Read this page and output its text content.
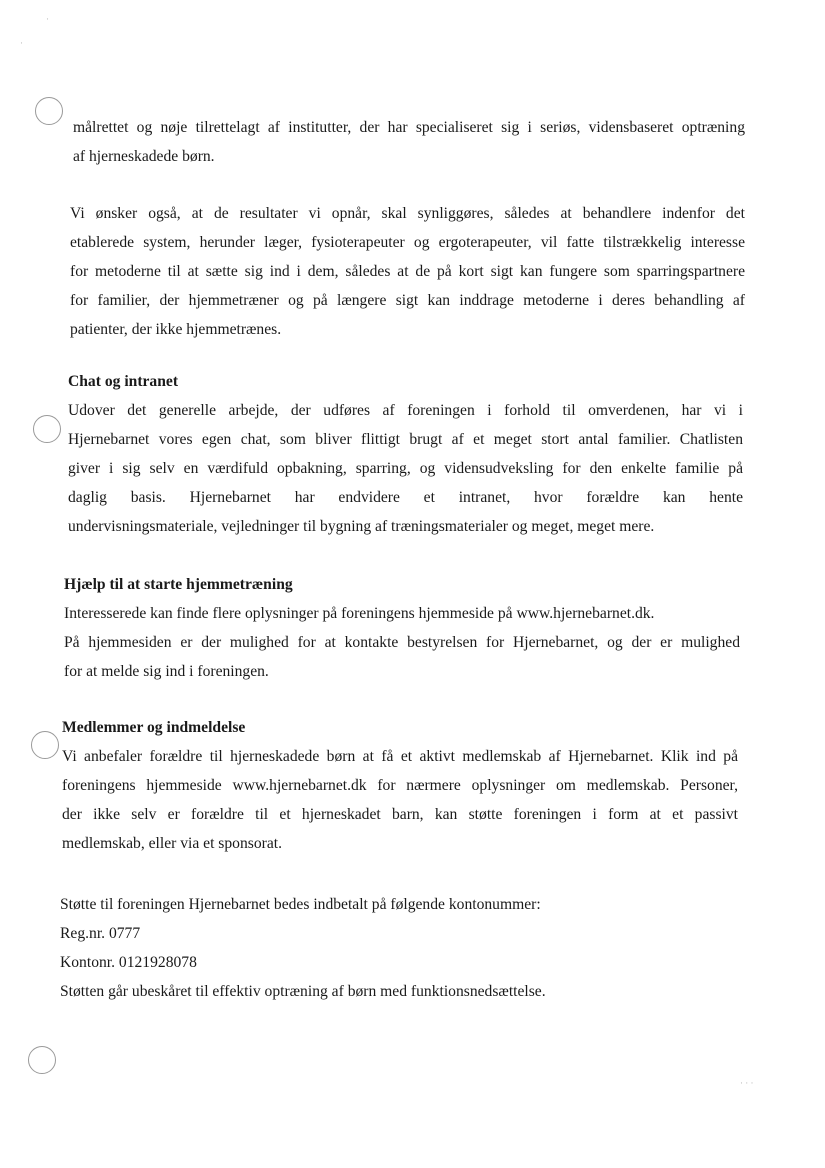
·
·
· · ·

målrettet og nøje tilrettelagt af institutter, der har specialiseret sig i seriøs, vidensbaseret optræning

af hjerneskadede børn.

Vi ønsker også, at de resultater vi opnår, skal synliggøres, således at behandlere indenfor det

etablerede system, herunder læger, fysioterapeuter og ergoterapeuter, vil fatte tilstrækkelig interesse

for metoderne til at sætte sig ind i dem, således at de på kort sigt kan fungere som sparringspartnere

for familier, der hjemmetræner og på længere sigt kan inddrage metoderne i deres behandling af

patienter, der ikke hjemmetrænes.

Chat og intranet

Udover det generelle arbejde, der udføres af foreningen i forhold til omverdenen, har vi i

Hjernebarnet vores egen chat, som bliver flittigt brugt af et meget stort antal familier. Chatlisten

giver i sig selv en værdifuld opbakning, sparring, og vidensudveksling for den enkelte familie på

daglig basis. Hjernebarnet har endvidere et intranet, hvor forældre kan hente

undervisningsmateriale, vejledninger til bygning af træningsmaterialer og meget, meget mere.

Hjælp til at starte hjemmetræning

Interesserede kan finde flere oplysninger på foreningens hjemmeside på www.hjernebarnet.dk.

På hjemmesiden er der mulighed for at kontakte bestyrelsen for Hjernebarnet, og der er mulighed

for at melde sig ind i foreningen.

Medlemmer og indmeldelse

Vi anbefaler forældre til hjerneskadede børn at få et aktivt medlemskab af Hjernebarnet. Klik ind på

foreningens hjemmeside www.hjernebarnet.dk for nærmere oplysninger om medlemskab. Personer,

der ikke selv er forældre til et hjerneskadet barn, kan støtte foreningen i form at et passivt

medlemskab, eller via et sponsorat.

Støtte til foreningen Hjernebarnet bedes indbetalt på følgende kontonummer:

Reg.nr. 0777

Kontonr. 0121928078

Støtten går ubeskåret til effektiv optræning af børn med funktionsnedsættelse.
